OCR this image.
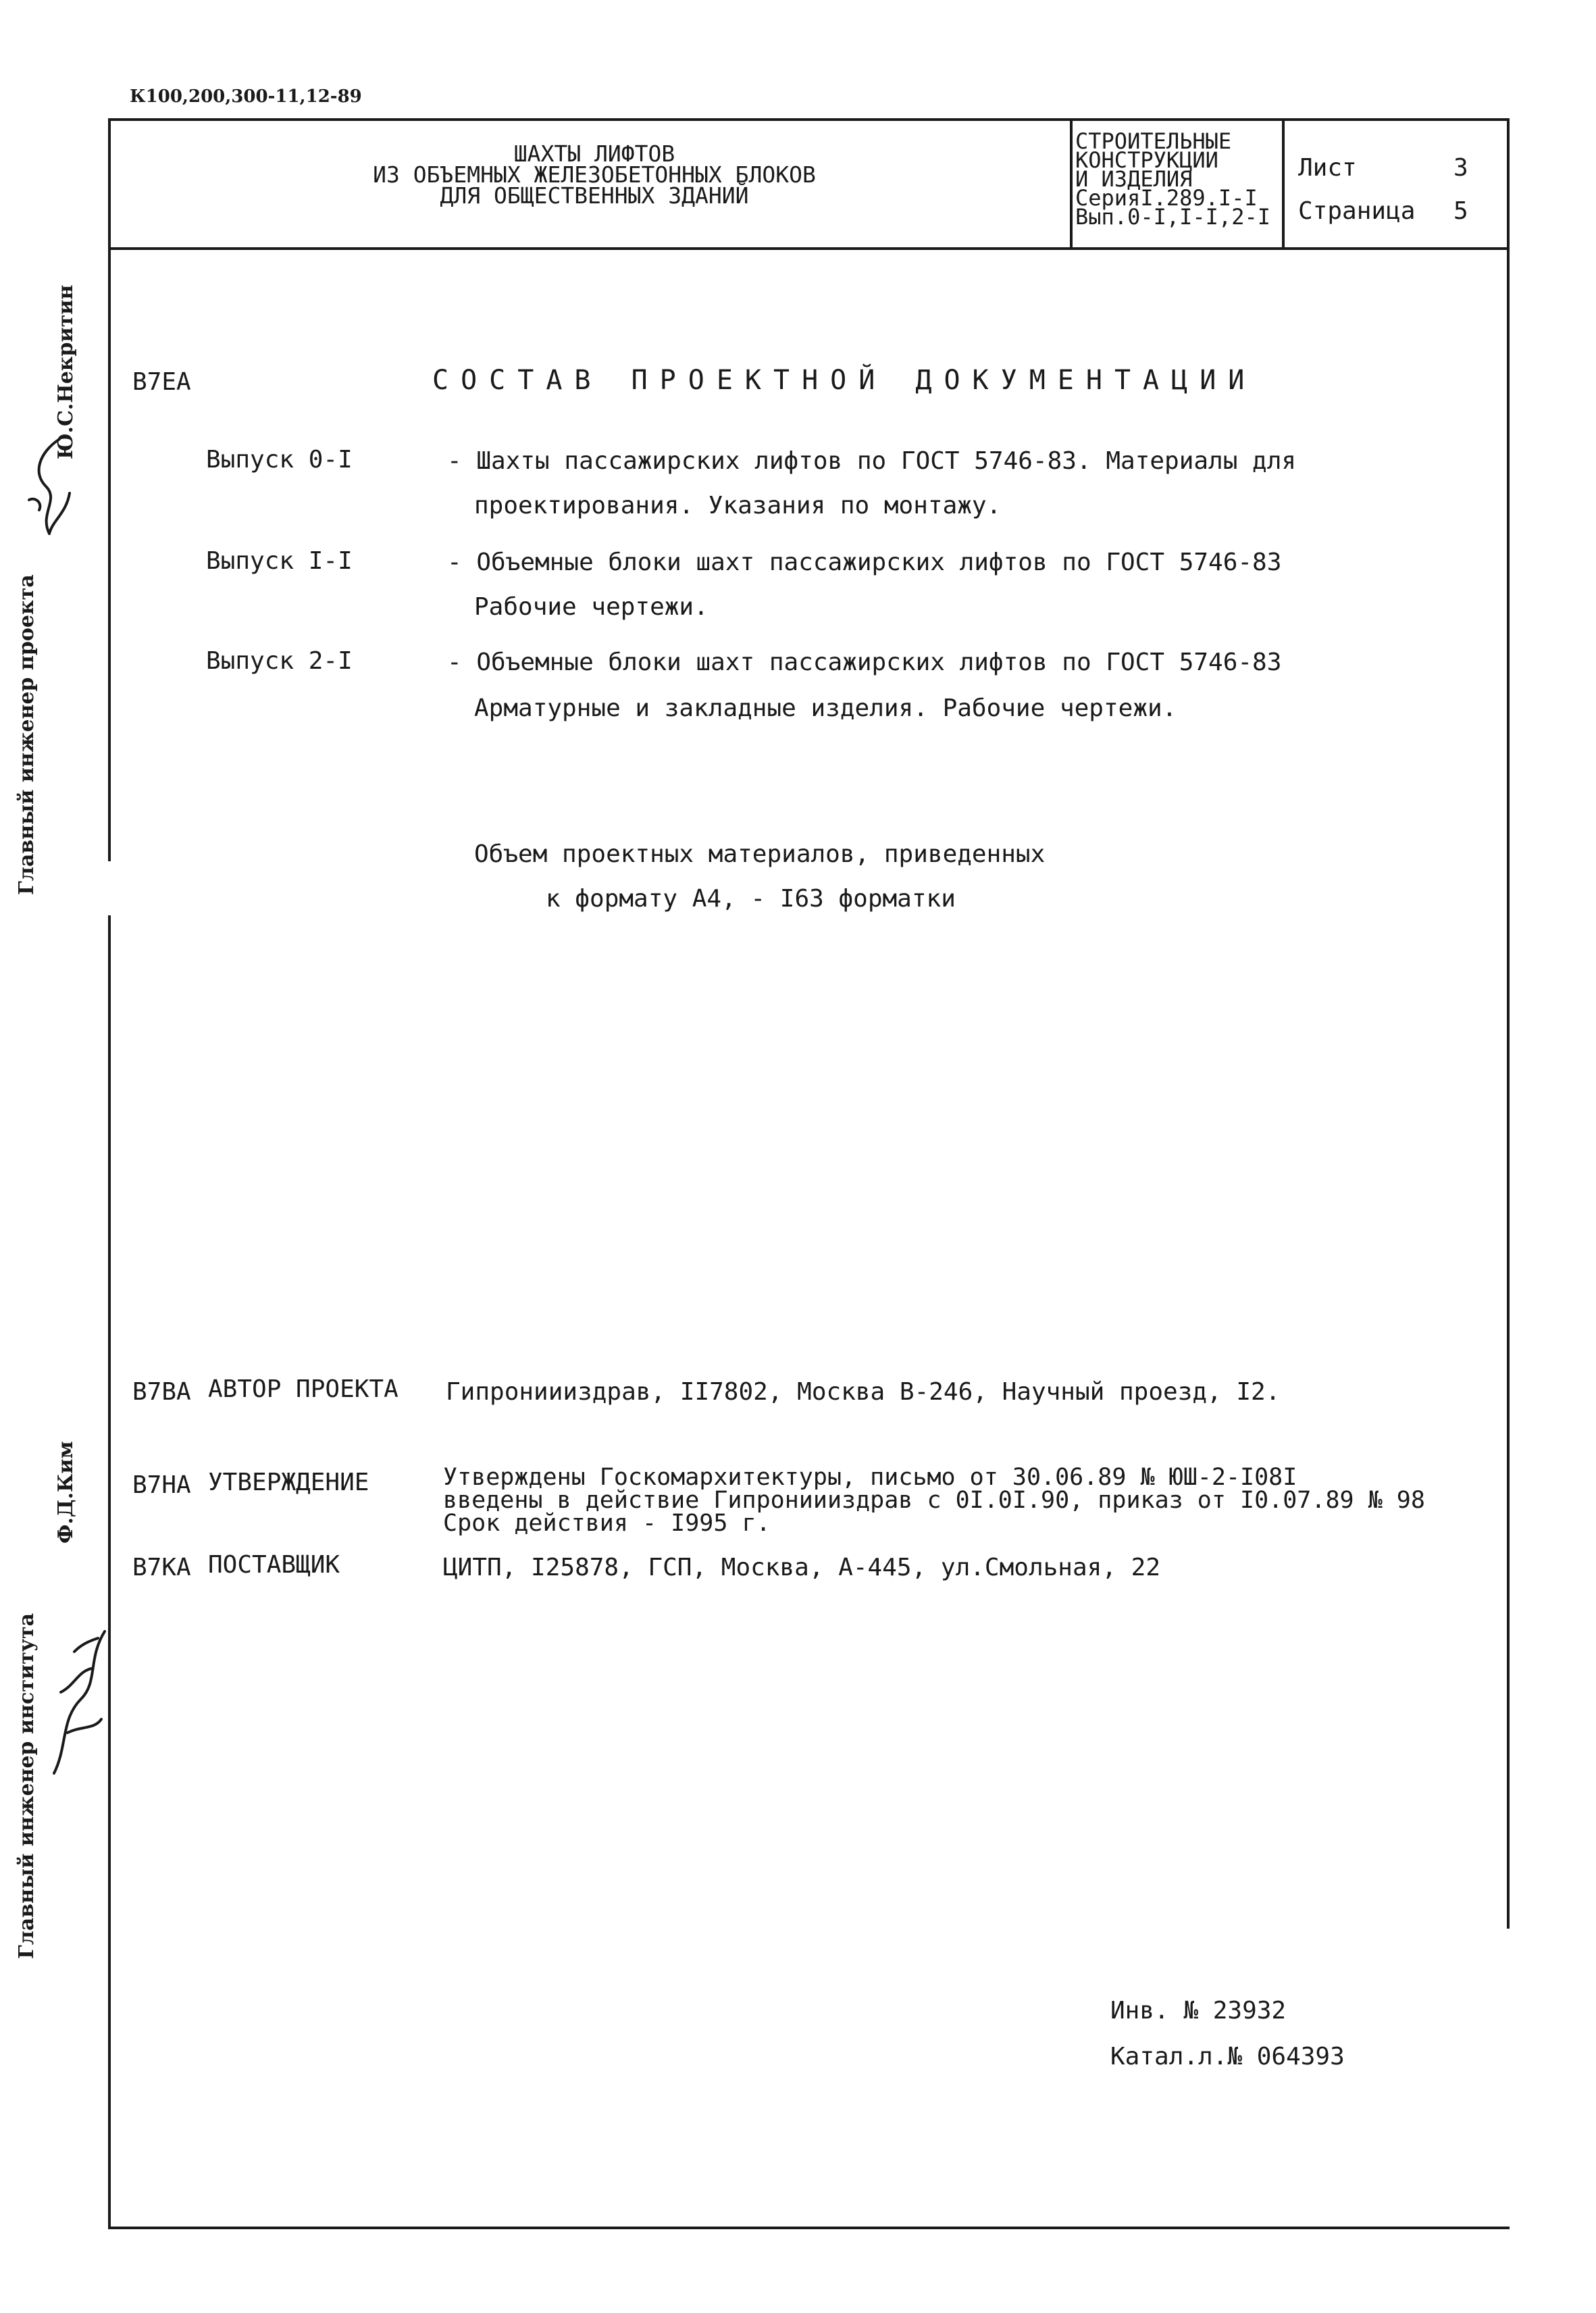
К100,200,300-11,12-89
ШАХТЫ ЛИФТОВ
ИЗ ОБЪЕМНЫХ ЖЕЛЕЗОБЕТОННЫХ БЛОКОВ
ДЛЯ ОБЩЕСТВЕННЫХ ЗДАНИЙ
СТРОИТЕЛЬНЫЕ
КОНСТРУКЦИИ
И ИЗДЕЛИЯ
СерияI.289.I-I
Вып.0-I,I-I,2-I
Лист	3
Страница 5
В7ЕА	СОСТАВ ПРОЕКТНОЙ ДОКУМЕНТАЦИИ
Выпуск 0-I	- Шахты пассажирских лифтов по ГОСТ 5746-83. Материалы для
проектирования. Указания по монтажу.
Выпуск I-I	- Объемные блоки шахт пассажирских лифтов по ГОСТ 5746-83
Рабочие чертежи.
Выпуск 2-I	- Объемные блоки шахт пассажирских лифтов по ГОСТ 5746-83
Арматурные и закладные изделия. Рабочие чертежи.
Объем проектных материалов, приведенных
к формату А4, - I63 форматки
В7ВА АВТОР ПРОЕКТА Гипрониииздрав, II7802, Москва В-246, Научный проезд, I2.
В7НА УТВЕРЖДЕНИЕ	Утверждены Госкомархитектуры, письмо от 30.06.89 № ЮШ-2-I08I
введены в действие Гипрониииздрав с 0I.0I.90, приказ от I0.07.89 № 98
Срок действия - I995 г.
В7КА ПОСТАВЩИК	ЦИТП, I25878, ГСП, Москва, А-445, ул.Смольная, 22
Инв. № 23932
Катал.л.№ 064393
Главный инженер проекта
Ю.С.Некритин
Главный инженер института
Ф.Д.Ким
